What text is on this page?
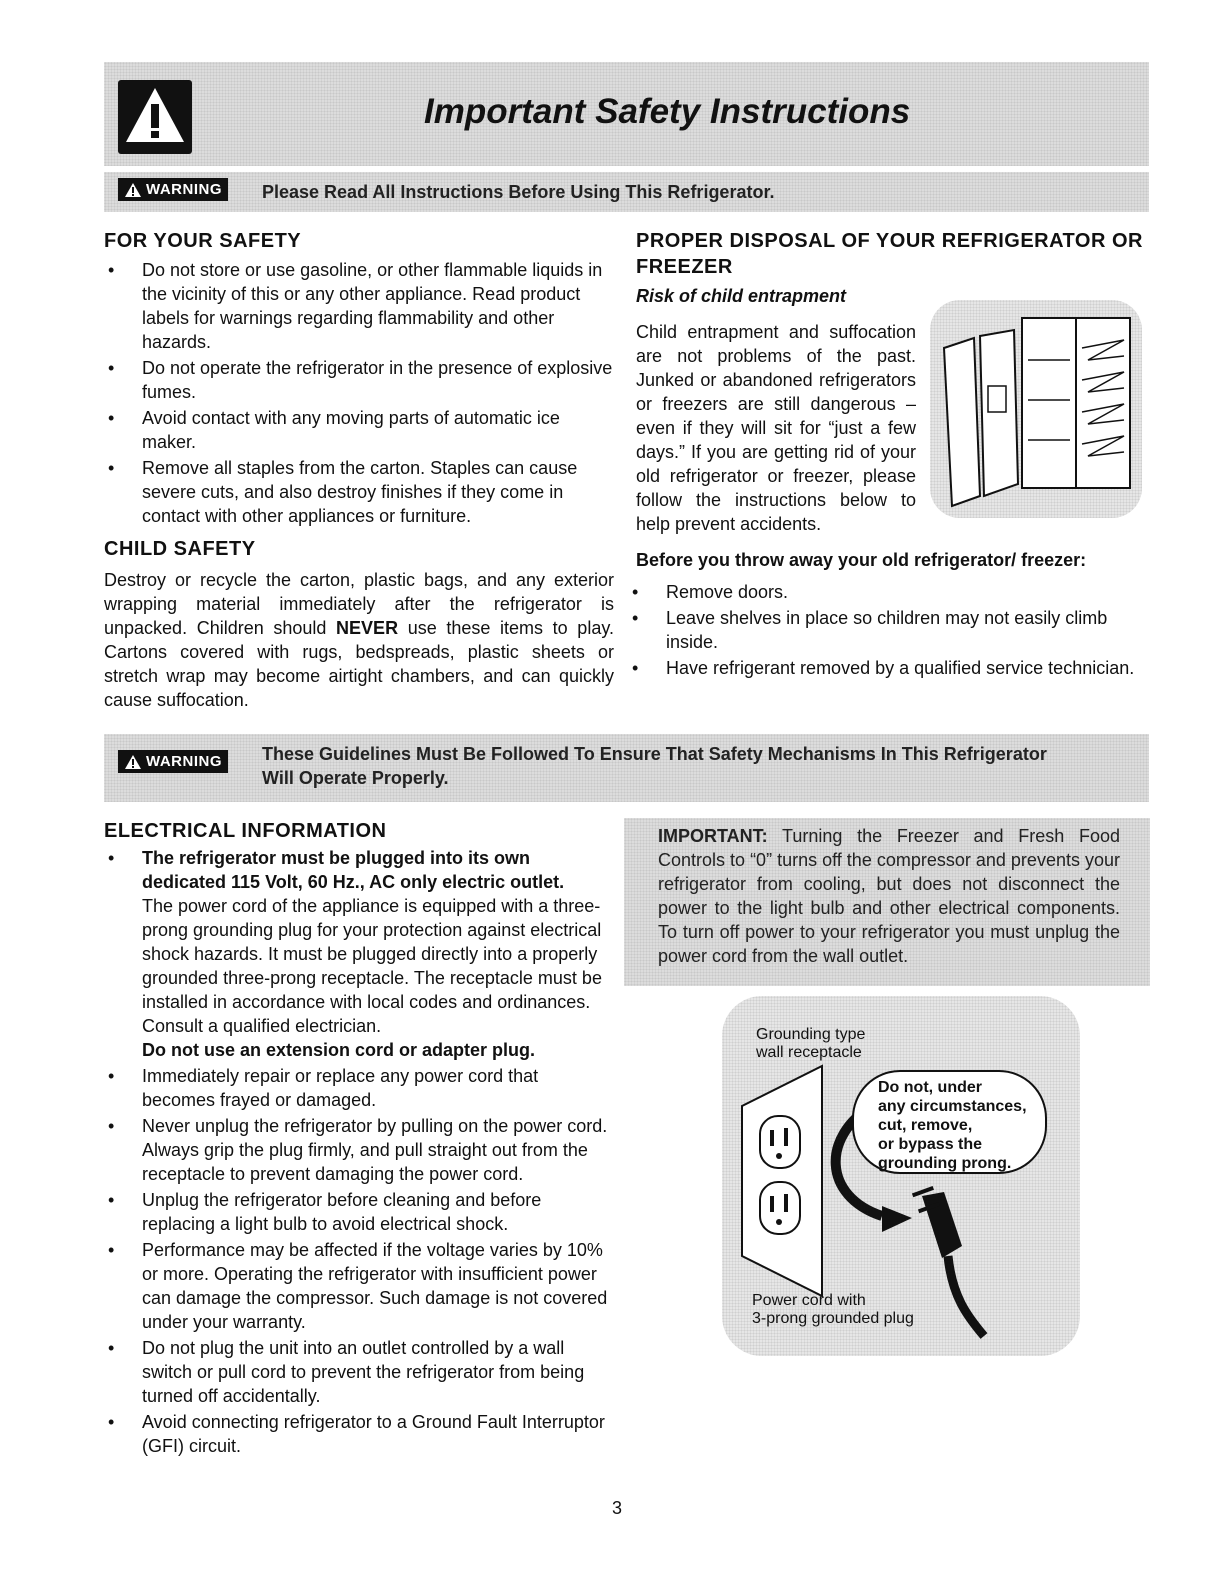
Important Safety Instructions
WARNING Please Read All Instructions Before Using This Refrigerator.
FOR YOUR SAFETY
• Do not store or use gasoline, or other flammable liquids in the vicinity of this or any other appliance. Read product labels for warnings regarding flammability and other hazards.
• Do not operate the refrigerator in the presence of explosive fumes.
• Avoid contact with any moving parts of automatic ice maker.
• Remove all staples from the carton. Staples can cause severe cuts, and also destroy finishes if they come in contact with other appliances or furniture.
CHILD SAFETY
Destroy or recycle the carton, plastic bags, and any exterior wrapping material immediately after the refrigerator is unpacked. Children should NEVER use these items to play. Cartons covered with rugs, bedspreads, plastic sheets or stretch wrap may become airtight chambers, and can quickly cause suffocation.
PROPER DISPOSAL OF YOUR REFRIGERATOR OR FREEZER
Risk of child entrapment
Child entrapment and suffocation are not problems of the past. Junked or abandoned refrigerators or freezers are still dangerous – even if they will sit for “just a few days.” If you are getting rid of your old refrigerator or freezer, please follow the instructions below to help prevent accidents.
Before you throw away your old refrigerator/ freezer:
• Remove doors.
• Leave shelves in place so children may not easily climb inside.
• Have refrigerant removed by a qualified service technician.
WARNING These Guidelines Must Be Followed To Ensure That Safety Mechanisms In This Refrigerator
Will Operate Properly.
ELECTRICAL INFORMATION
• The refrigerator must be plugged into its own dedicated 115 Volt, 60 Hz., AC only electric outlet.
The power cord of the appliance is equipped with a three-prong grounding plug for your protection against electrical shock hazards. It must be plugged directly into a properly grounded three-prong receptacle. The receptacle must be installed in accordance with local codes and ordinances. Consult a qualified electrician.
Do not use an extension cord or adapter plug.
• Immediately repair or replace any power cord that becomes frayed or damaged.
• Never unplug the refrigerator by pulling on the power cord. Always grip the plug firmly, and pull straight out from the receptacle to prevent damaging the power cord.
• Unplug the refrigerator before cleaning and before replacing a light bulb to avoid electrical shock.
• Performance may be affected if the voltage varies by 10% or more. Operating the refrigerator with insufficient power can damage the compressor. Such damage is not covered under your warranty.
• Do not plug the unit into an outlet controlled by a wall switch or pull cord to prevent the refrigerator from being turned off accidentally.
• Avoid connecting refrigerator to a Ground Fault Interruptor (GFI) circuit.
IMPORTANT: Turning the Freezer and Fresh Food Controls to “0” turns off the compressor and prevents your refrigerator from cooling, but does not disconnect the power to the light bulb and other electrical components. To turn off power to your refrigerator you must unplug the power cord from the wall outlet.
Grounding type
wall receptacle
Do not, under
any circumstances,
cut, remove,
or bypass the
grounding prong.
Power cord with
3-prong grounded plug
3
